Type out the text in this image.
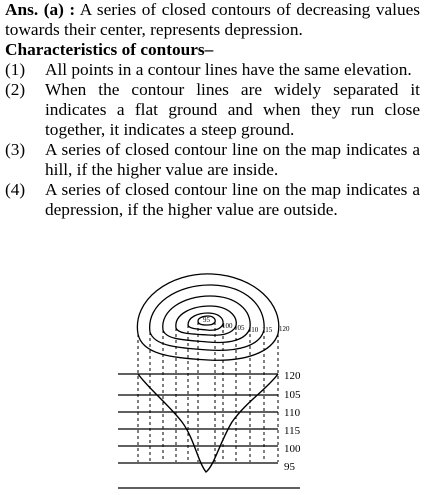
Ans. (a) : A series of closed contours of decreasing values towards their center, represents depression.

Characteristics of contours–

(1)	All points in a contour lines have the same elevation.
(2)	When the contour lines are widely separated it indicates a flat ground and when they run close together, it indicates a steep ground.
(3)	A series of closed contour line on the map indicates a hill, if the higher value are inside.
(4)	A series of closed contour line on the map indicates a depression, if the higher value are outside.
95
100 105 110 115 120
120
105
110
115
100
95
